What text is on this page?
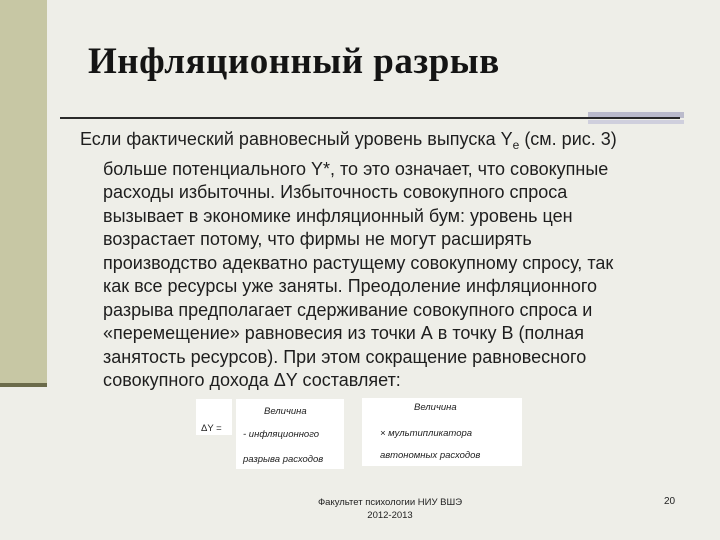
Инфляционный разрыв
Если фактический равновесный уровень выпуска $Y_e$ (см. рис. 3)
больше потенциального Y*, то это означает, что совокупные
расходы избыточны. Избыточность совокупного спроса
вызывает в экономике инфляционный бум: уровень цен
возрастает потому, что фирмы не могут расширять
производство адекватно растущему совокупному спросу, так
как все ресурсы уже заняты. Преодоление инфляционного
разрыва предполагает сдерживание совокупного спроса и
«перемещение» равновесия из точки А в точку В (полная
занятость ресурсов). При этом сокращение равновесного
совокупного дохода ΔY составляет:
ΔY =
Величина
- инфляционного
разрыва расходов
Величина
× мультипликатора
автономных расходов
Факультет психологии НИУ ВШЭ
2012-2013
20
